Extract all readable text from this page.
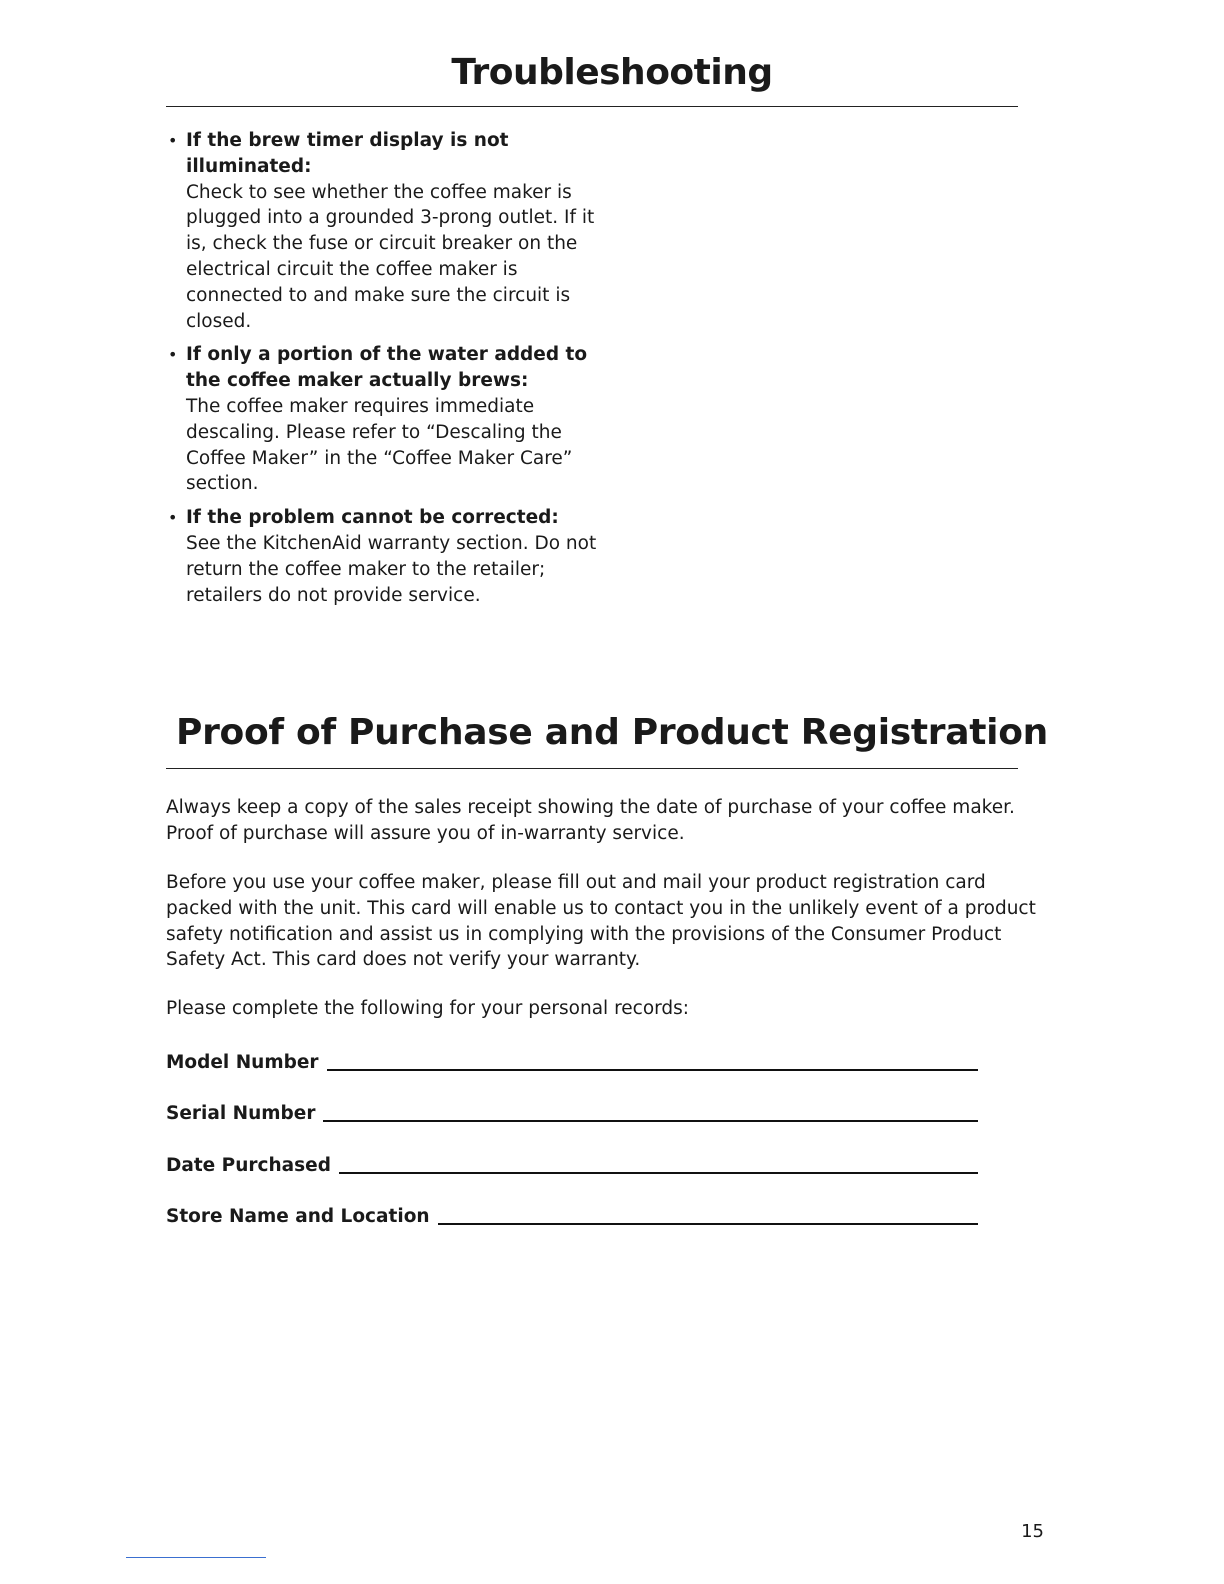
Troubleshooting
• If the brew timer display is not illuminated:
Check to see whether the coffee maker is plugged into a grounded 3-prong outlet. If it is, check the fuse or circuit breaker on the electrical circuit the coffee maker is connected to and make sure the circuit is closed.
• If only a portion of the water added to the coffee maker actually brews:
The coffee maker requires immediate descaling. Please refer to “Descaling the Coffee Maker” in the “Coffee Maker Care” section.
• If the problem cannot be corrected:
See the KitchenAid warranty section. Do not return the coffee maker to the retailer; retailers do not provide service.
Proof of Purchase and Product Registration

Always keep a copy of the sales receipt showing the date of purchase of your coffee maker. Proof of purchase will assure you of in-warranty service.

Before you use your coffee maker, please fill out and mail your product registration card packed with the unit. This card will enable us to contact you in the unlikely event of a product safety notification and assist us in complying with the provisions of the Consumer Product Safety Act. This card does not verify your warranty.

Please complete the following for your personal records:

Model Number
Serial Number
Date Purchased
Store Name and Location
15
